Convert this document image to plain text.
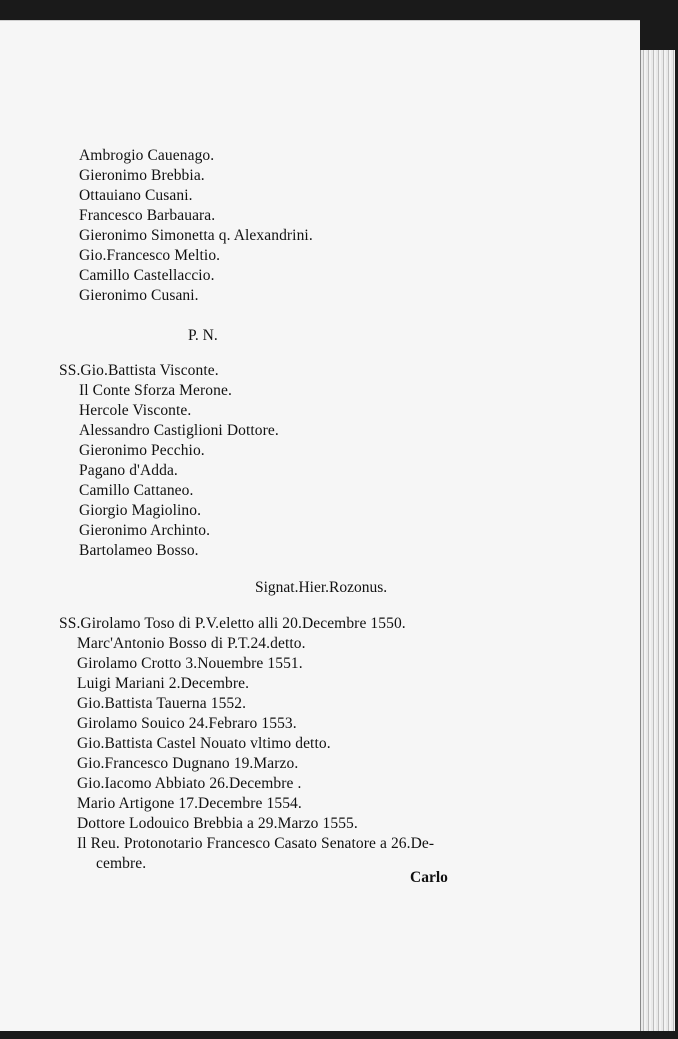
Ambrogio Cauenago.
Gieronimo Brebbia.
Ottauiano Cusani.
Francesco Barbauara.
Gieronimo Simonetta q. Alexandrini.
Gio.Francesco Meltio.
Camillo Castellaccio.
Gieronimo Cusani.
P. N.
SS.Gio.Battista Visconte.
Il Conte Sforza Merone.
Hercole Visconte.
Alessandro Castiglioni Dottore.
Gieronimo Pecchio.
Pagano d'Adda.
Camillo Cattaneo.
Giorgio Magiolino.
Gieronimo Archinto.
Bartolameo Bosso.
Signat.Hier.Rozonus.
SS.Girolamo Toso di P.V.eletto alli 20.Decembre 1550.
Marc'Antonio Bosso di P.T.24.detto.
Girolamo Crotto 3.Nouembre 1551.
Luigi Mariani 2.Decembre.
Gio.Battista Tauerna 1552.
Girolamo Souico 24.Febraro 1553.
Gio.Battista Castel Nouato vltimo detto.
Gio.Francesco Dugnano 19.Marzo.
Gio.Iacomo Abbiato 26.Decembre .
Mario Artigone 17.Decembre 1554.
Dottore Lodouico Brebbia a 29.Marzo 1555.
Il Reu. Protonotario Francesco Casato Senatore a 26.De-
cembre.
Carlo
